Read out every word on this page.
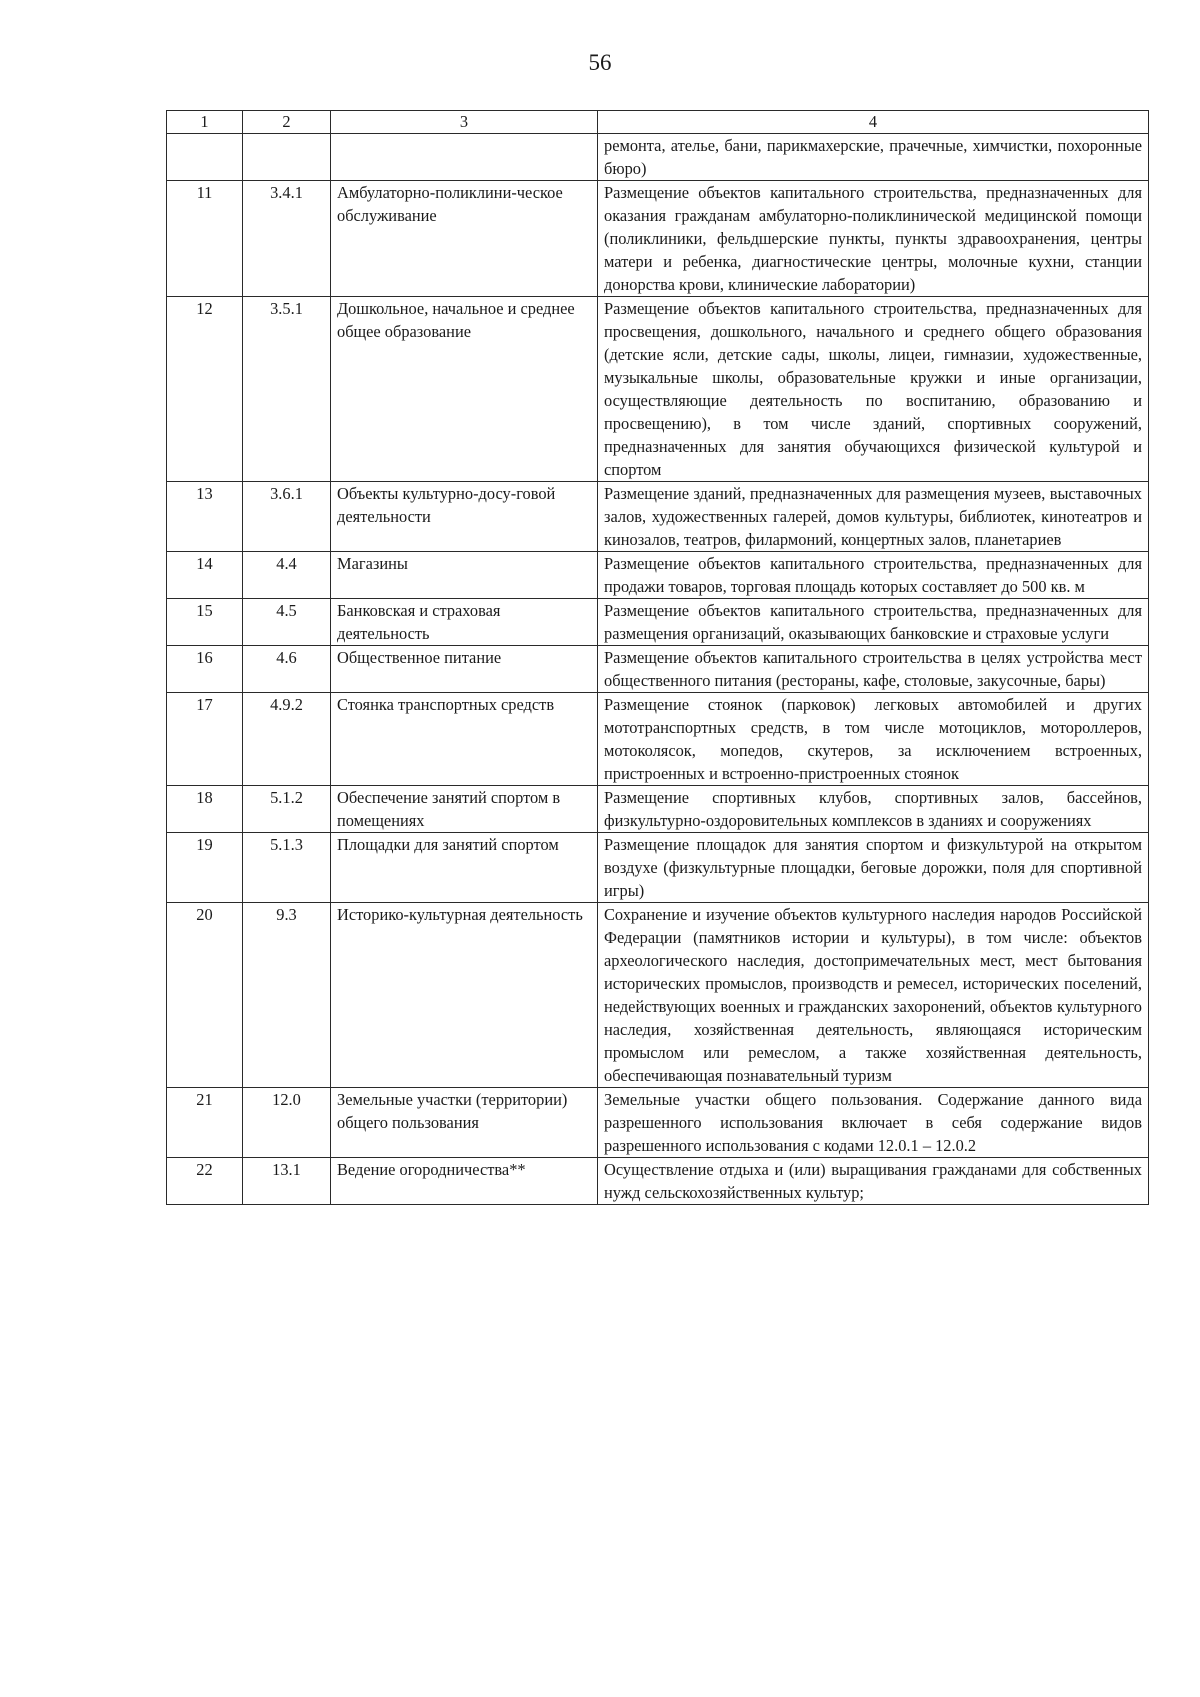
56
1	2	3	4
			ремонта, ателье, бани, парикмахерские, прачечные, химчистки, похоронные бюро)
11	3.4.1	Амбулаторно-поликлини-ческое обслуживание	Размещение объектов капитального строительства, предназначенных для оказания гражданам амбулаторно-поликлинической медицинской помощи (поликлиники, фельдшерские пункты, пункты здравоохранения, центры матери и ребенка, диагностические центры, молочные кухни, станции донорства крови, клинические лаборатории)
12	3.5.1	Дошкольное, начальное и среднее общее образование	Размещение объектов капитального строительства, предназначенных для просвещения, дошкольного, начального и среднего общего образования (детские ясли, детские сады, школы, лицеи, гимназии, художественные, музыкальные школы, образовательные кружки и иные организации, осуществляющие деятельность по воспитанию, образованию и просвещению), в том числе зданий, спортивных сооружений, предназначенных для занятия обучающихся физической культурой и спортом
13	3.6.1	Объекты культурно-досу-говой деятельности	Размещение зданий, предназначенных для размещения музеев, выставочных залов, художественных галерей, домов культуры, библиотек, кинотеатров и кинозалов, театров, филармоний, концертных залов, планетариев
14	4.4	Магазины	Размещение объектов капитального строительства, предназначенных для продажи товаров, торговая площадь которых составляет до 500 кв. м
15	4.5	Банковская и страховая деятельность	Размещение объектов капитального строительства, предназначенных для размещения организаций, оказывающих банковские и страховые услуги
16	4.6	Общественное питание	Размещение объектов капитального строительства в целях устройства мест общественного питания (рестораны, кафе, столовые, закусочные, бары)
17	4.9.2	Стоянка транспортных средств	Размещение стоянок (парковок) легковых автомобилей и других мототранспортных средств, в том числе мотоциклов, мотороллеров, мотоколясок, мопедов, скутеров, за исключением встроенных, пристроенных и встроенно-пристроенных стоянок
18	5.1.2	Обеспечение занятий спортом в помещениях	Размещение спортивных клубов, спортивных залов, бассейнов, физкультурно-оздоровительных комплексов в зданиях и сооружениях
19	5.1.3	Площадки для занятий спортом	Размещение площадок для занятия спортом и физкультурой на открытом воздухе (физкультурные площадки, беговые дорожки, поля для спортивной игры)
20	9.3	Историко-культурная деятельность	Сохранение и изучение объектов культурного наследия народов Российской Федерации (памятников истории и культуры), в том числе: объектов археологического наследия, достопримечательных мест, мест бытования исторических промыслов, производств и ремесел, исторических поселений, недействующих военных и гражданских захоронений, объектов культурного наследия, хозяйственная деятельность, являющаяся историческим промыслом или ремеслом, а также хозяйственная деятельность, обеспечивающая познавательный туризм
21	12.0	Земельные участки (территории) общего пользования	Земельные участки общего пользования. Содержание данного вида разрешенного использования включает в себя содержание видов разрешенного использования с кодами 12.0.1 – 12.0.2
22	13.1	Ведение огородничества**	Осуществление отдыха и (или) выращивания гражданами для собственных нужд сельскохозяйственных культур;
